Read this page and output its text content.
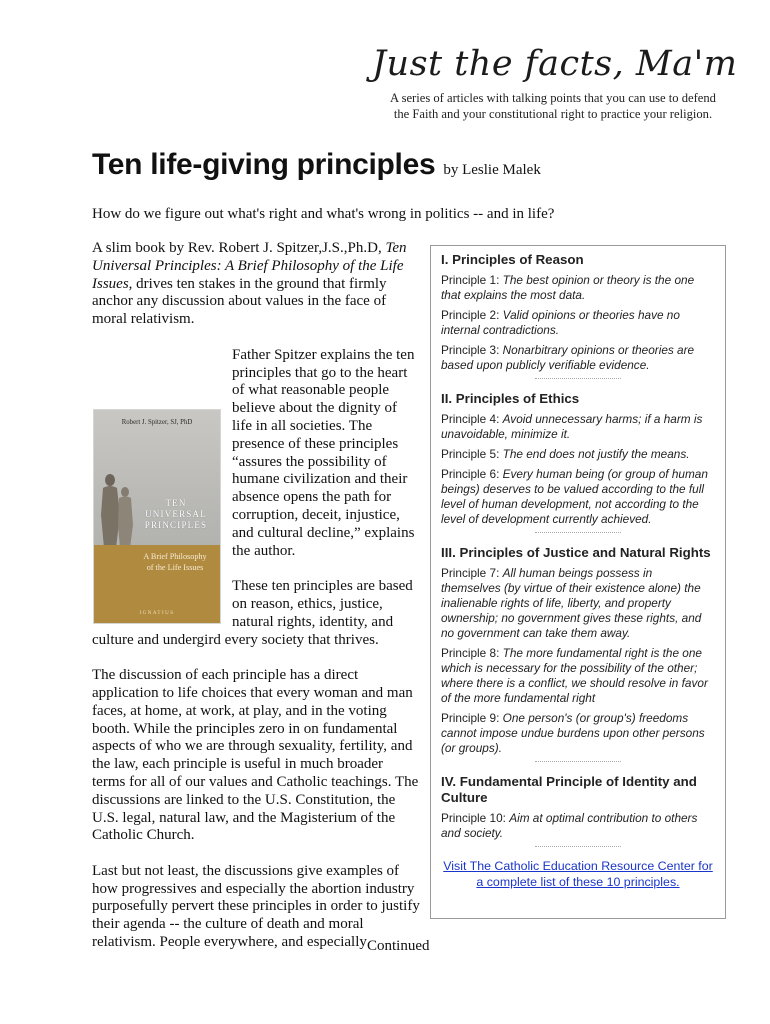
Just the facts, Ma'm
A series of articles with talking points that you can use to defend
the Faith and your constitutional right to practice your religion.
Ten life-giving principles by Leslie Malek
How do we figure out what's right and what's wrong in politics -- and in life?

A slim book by Rev. Robert J. Spitzer,J.S.,Ph.D, Ten Universal Principles: A Brief Philosophy of the Life Issues, drives ten stakes in the ground that firmly anchor any discussion about values in the face of moral relativism.

Robert J. Spitzer, SJ, PhD
TEN
UNIVERSAL
PRINCIPLES
A Brief Philosophy
of the Life Issues
IGNATIUS

Father Spitzer explains the ten principles that go to the heart of what reasonable people believe about the dignity of life in all societies. The presence of these principles “assures the possibility of humane civilization and their absence opens the path for corruption, deceit, injustice, and cultural decline,” explains the author.

These ten principles are based on reason, ethics, justice, natural rights, identity, and culture and undergird every society that thrives.

The discussion of each principle has a direct application to life choices that every woman and man faces, at home, at work, at play, and in the voting booth. While the principles zero in on fundamental aspects of who we are through sexuality, fertility, and the law, each principle is useful in much broader terms for all of our values and Catholic teachings. The discussions are linked to the U.S. Constitution, the U.S. legal, natural law, and the Magisterium of the Catholic Church.

Last but not least, the discussions give examples of how progressives and especially the abortion industry purposefully pervert these principles in order to justify their agenda -- the culture of death and moral relativism. People everywhere, and especially

I. Principles of Reason
Principle 1: The best opinion or theory is the one that explains the most data.
Principle 2: Valid opinions or theories have no internal contradictions.
Principle 3: Nonarbitrary opinions or theories are based upon publicly verifiable evidence.
II. Principles of Ethics
Principle 4: Avoid unnecessary harms; if a harm is unavoidable, minimize it.
Principle 5: The end does not justify the means.
Principle 6: Every human being (or group of human beings) deserves to be valued according to the full level of human development, not according to the level of development currently achieved.
III. Principles of Justice and Natural Rights
Principle 7: All human beings possess in themselves (by virtue of their existence alone) the inalienable rights of life, liberty, and property ownership; no government gives these rights, and no government can take them away.
Principle 8: The more fundamental right is the one which is necessary for the possibility of the other; where there is a conflict, we should resolve in favor of the more fundamental right
Principle 9: One person's (or group's) freedoms cannot impose undue burdens upon other persons (or groups).
IV. Fundamental Principle of Identity and Culture
Principle 10: Aim at optimal contribution to others and society.
Visit The Catholic Education Resource Center for
a complete list of these 10 principles.
Continued
